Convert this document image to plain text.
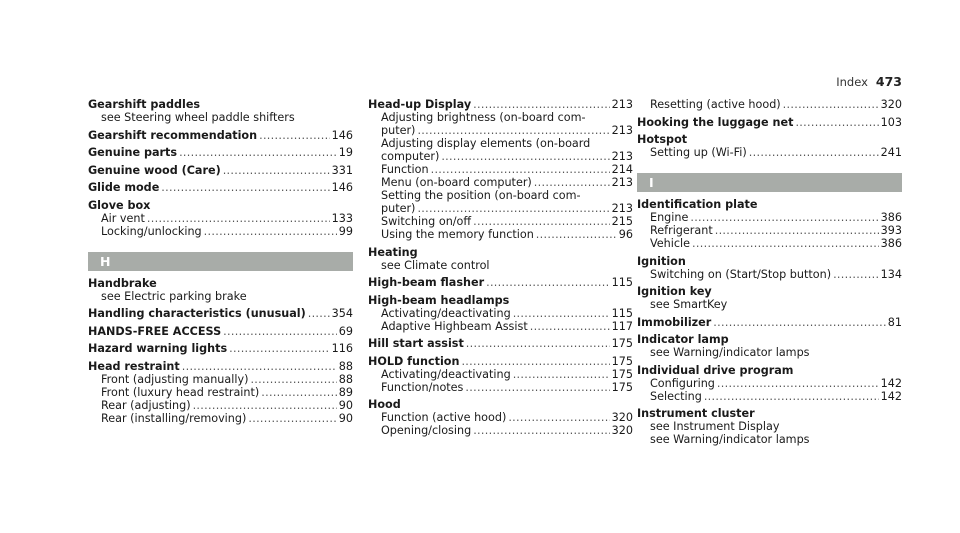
Index 473
Gearshift paddles
see Steering wheel paddle shifters
Gearshift recommendation .....	146
Genuine parts .....	19
Genuine wood (Care) .....	331
Glide mode .....	146
Glove box
Air vent .....	133
Locking/unlocking .....	99
H
Handbrake
see Electric parking brake
Handling characteristics (unusual) ..... 354
HANDS-FREE ACCESS .....	69
Hazard warning lights .....	116
Head restraint .....	88
Front (adjusting manually) .....	88
Front (luxury head restraint) .....	89
Rear (adjusting) .....	90
Rear (installing/removing) .....	90
Head-up Display .....	213
Adjusting brightness (on-board com-
puter) .....	213
Adjusting display elements (on-board
computer) .....	213
Function .....	214
Menu (on-board computer) .....	213
Setting the position (on-board com-
puter) .....	213
Switching on/off .....	215
Using the memory function .....	96
Heating
see Climate control
High-beam flasher .....	115
High-beam headlamps
Activating/deactivating .....	115
Adaptive Highbeam Assist .....	117
Hill start assist .....	175
HOLD function .....	175
Activating/deactivating .....	175
Function/notes .....	175
Hood
Function (active hood) .....	320
Opening/closing .....	320
Resetting (active hood) .....	320
Hooking the luggage net .....	103
Hotspot
Setting up (Wi-Fi) .....	241
I
Identification plate
Engine .....	386
Refrigerant .....	393
Vehicle .....	386
Ignition
Switching on (Start/Stop button) .....	134
Ignition key
see SmartKey
Immobilizer .....	81
Indicator lamp
see Warning/indicator lamps
Individual drive program
Configuring .....	142
Selecting .....	142
Instrument cluster
see Instrument Display
see Warning/indicator lamps
